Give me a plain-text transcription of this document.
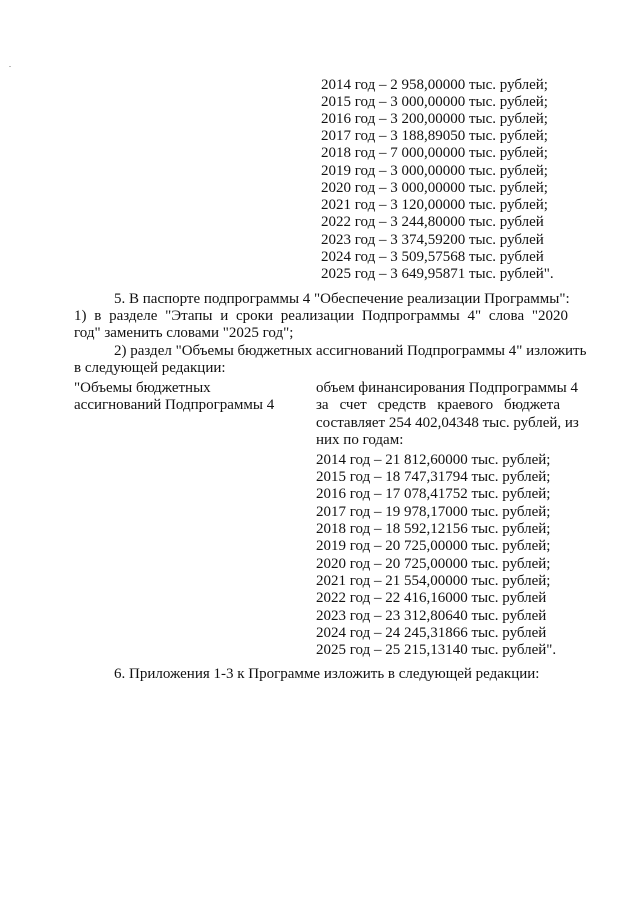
2014 год – 2 958,00000 тыс. рублей;
2015 год – 3 000,00000 тыс. рублей;
2016 год – 3 200,00000 тыс. рублей;
2017 год – 3 188,89050 тыс. рублей;
2018 год – 7 000,00000 тыс. рублей;
2019 год – 3 000,00000 тыс. рублей;
2020 год – 3 000,00000 тыс. рублей;
2021 год – 3 120,00000 тыс. рублей;
2022 год – 3 244,80000 тыс. рублей
2023 год – 3 374,59200 тыс. рублей
2024 год – 3 509,57568 тыс. рублей
2025 год – 3 649,95871 тыс. рублей".
5. В паспорте подпрограммы 4 "Обеспечение реализации Программы":
1) в разделе "Этапы и сроки реализации Подпрограммы 4" слова "2020
год" заменить словами "2025 год";
2) раздел "Объемы бюджетных ассигнований Подпрограммы 4" изложить
в следующей редакции:
"Объемы бюджетных
ассигнований Подпрограммы 4
объем финансирования Подпрограммы 4
за счет средств краевого бюджета
составляет 254 402,04348 тыс. рублей, из
них по годам:
2014 год – 21 812,60000 тыс. рублей;
2015 год – 18 747,31794 тыс. рублей;
2016 год – 17 078,41752 тыс. рублей;
2017 год – 19 978,17000 тыс. рублей;
2018 год – 18 592,12156 тыс. рублей;
2019 год – 20 725,00000 тыс. рублей;
2020 год – 20 725,00000 тыс. рублей;
2021 год – 21 554,00000 тыс. рублей;
2022 год – 22 416,16000 тыс. рублей
2023 год – 23 312,80640 тыс. рублей
2024 год – 24 245,31866 тыс. рублей
2025 год – 25 215,13140 тыс. рублей".
6. Приложения 1-3 к Программе изложить в следующей редакции:
